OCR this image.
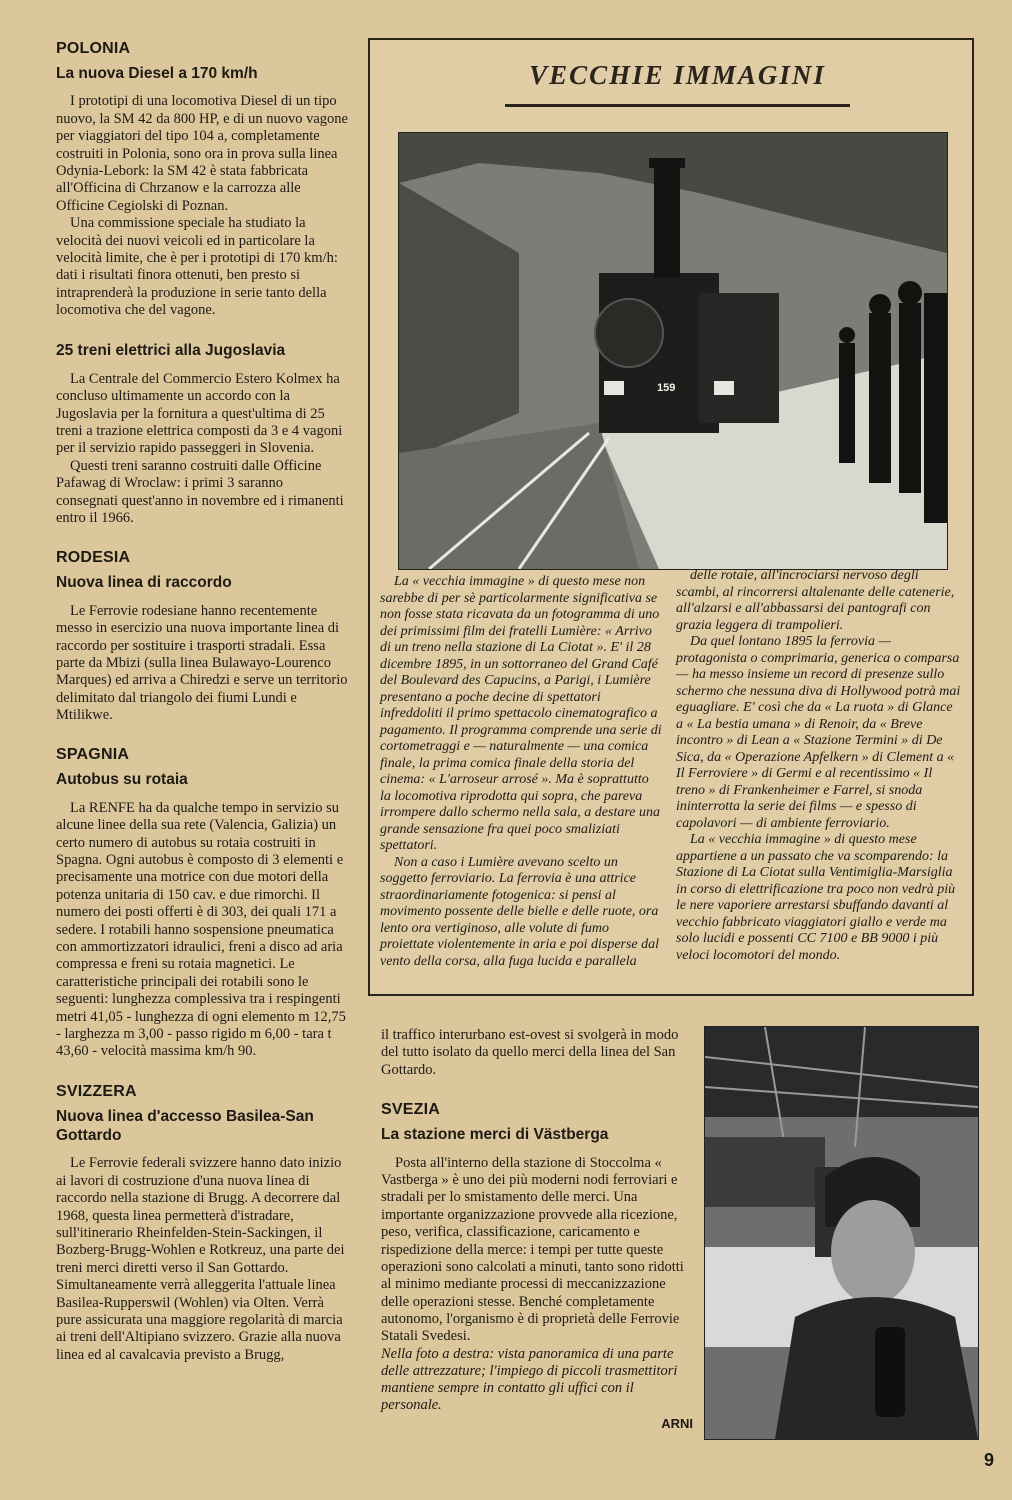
POLONIA
La nuova Diesel a 170 km/h

I prototipi di una locomotiva Diesel di un tipo nuovo, la SM 42 da 800 HP, e di un nuovo vagone per viaggiatori del tipo 104 a, completamente costruiti in Polonia, sono ora in prova sulla linea Odynia-Lebork: la SM 42 è stata fabbricata all'Officina di Chrzanow e la carrozza alle Officine Cegiolski di Poznan.

Una commissione speciale ha studiato la velocità dei nuovi veicoli ed in particolare la velocità limite, che è per i prototipi di 170 km/h: dati i risultati finora ottenuti, ben presto si intraprenderà la produzione in serie tanto della locomotiva che del vagone.

25 treni elettrici alla Jugoslavia

La Centrale del Commercio Estero Kolmex ha concluso ultimamente un accordo con la Jugoslavia per la fornitura a quest'ultima di 25 treni a trazione elettrica composti da 3 e 4 vagoni per il servizio rapido passeggeri in Slovenia.

Questi treni saranno costruiti dalle Officine Pafawag di Wroclaw: i primi 3 saranno consegnati quest'anno in novembre ed i rimanenti entro il 1966.

RODESIA
Nuova linea di raccordo

Le Ferrovie rodesiane hanno recentemente messo in esercizio una nuova importante linea di raccordo per sostituire i trasporti stradali. Essa parte da Mbizi (sulla linea Bulawayo-Lourenco Marques) ed arriva a Chiredzi e serve un territorio delimitato dal triangolo dei fiumi Lundi e Mtilikwe.

SPAGNIA
Autobus su rotaia

La RENFE ha da qualche tempo in servizio su alcune linee della sua rete (Valencia, Galizia) un certo numero di autobus su rotaia costruiti in Spagna. Ogni autobus è composto di 3 elementi e precisamente una motrice con due motori della potenza unitaria di 150 cav. e due rimorchi. Il numero dei posti offerti è di 303, dei quali 171 a sedere. I rotabili hanno sospensione pneumatica con ammortizzatori idraulici, freni a disco ad aria compressa e freni su rotaia magnetici. Le caratteristiche principali dei rotabili sono le seguenti: lunghezza complessiva tra i respingenti metri 41,05 - lunghezza di ogni elemento m 12,75 - larghezza m 3,00 - passo rigido m 6,00 - tara t 43,60 - velocità massima km/h 90.

SVIZZERA
Nuova linea d'accesso Basilea-San Gottardo

Le Ferrovie federali svizzere hanno dato inizio ai lavori di costruzione d'una nuova linea di raccordo nella stazione di Brugg. A decorrere dal 1968, questa linea permetterà d'istradare, sull'itinerario Rheinfelden-Stein-Sackingen, il Bozberg-Brugg-Wohlen e Rotkreuz, una parte dei treni merci diretti verso il San Gottardo. Simultaneamente verrà alleggerita l'attuale linea Basilea-Rupperswil (Wohlen) via Olten. Verrà pure assicurata una maggiore regolarità di marcia ai treni dell'Altipiano svizzero. Grazie alla nuova linea ed al cavalcavia previsto a Brugg,

VECCHIE IMMAGINI
159

La « vecchia immagine » di questo mese non sarebbe di per sè particolarmente significativa se non fosse stata ricavata da un fotogramma di uno dei primissimi film dei fratelli Lumière: « Arrivo di un treno nella stazione di La Ciotat ». E' il 28 dicembre 1895, in un sottorraneo del Grand Café del Boulevard des Capucins, a Parigi, i Lumière presentano a poche decine di spettatori infreddoliti il primo spettacolo cinematografico a pagamento. Il programma comprende una serie di cortometraggi e — naturalmente — una comica finale, la prima comica finale della storia del cinema: « L'arroseur arrosé ». Ma è soprattutto la locomotiva riprodotta qui sopra, che pareva irrompere dallo schermo nella sala, a destare una grande sensazione fra quei poco smaliziati spettatori.

Non a caso i Lumière avevano scelto un soggetto ferroviario. La ferrovia è una attrice straordinariamente fotogenica: si pensi al movimento possente delle bielle e delle ruote, ora lento ora vertiginoso, alle volute di fumo proiettate violentemente in aria e poi disperse dal vento della corsa, alla fuga lucida e parallela

delle rotaie, all'incrociarsi nervoso degli scambi, al rincorrersi altalenante delle catenerie, all'alzarsi e all'abbassarsi dei pantografi con grazia leggera di trampolieri.

Da quel lontano 1895 la ferrovia — protagonista o comprimaria, generica o comparsa — ha messo insieme un record di presenze sullo schermo che nessuna diva di Hollywood potrà mai eguagliare. E' così che da « La ruota » di Glance a « La bestia umana » di Renoir, da « Breve incontro » di Lean a « Stazione Termini » di De Sica, da « Operazione Apfelkern » di Clement a « Il Ferroviere » di Germi e al recentissimo « Il treno » di Frankenheimer e Farrel, si snoda ininterrotta la serie dei films — e spesso di capolavori — di ambiente ferroviario.

La « vecchia immagine » di questo mese appartiene a un passato che va scomparendo: la Stazione di La Ciotat sulla Ventimiglia-Marsiglia in corso di elettrificazione tra poco non vedrà più le nere vaporiere arrestarsi sbuffando davanti al vecchio fabbricato viaggiatori giallo e verde ma solo lucidi e possenti CC 7100 e BB 9000 i più veloci locomotori del mondo.

il traffico interurbano est-ovest si svolgerà in modo del tutto isolato da quello merci della linea del San Gottardo.

SVEZIA
La stazione merci di Västberga

Posta all'interno della stazione di Stoccolma « Vastberga » è uno dei più moderni nodi ferroviari e stradali per lo smistamento delle merci. Una importante organizzazione provvede alla ricezione, peso, verifica, classificazione, caricamento e rispedizione della merce: i tempi per tutte queste operazioni sono calcolati a minuti, tanto sono ridotti al minimo mediante processi di meccanizzazione delle operazioni stesse. Benché completamente autonomo, l'organismo è di proprietà delle Ferrovie Statali Svedesi.

Nella foto a destra: vista panoramica di una parte delle attrezzature; l'impiego di piccoli trasmettitori mantiene sempre in contatto gli uffici con il personale.

ARNI
9
